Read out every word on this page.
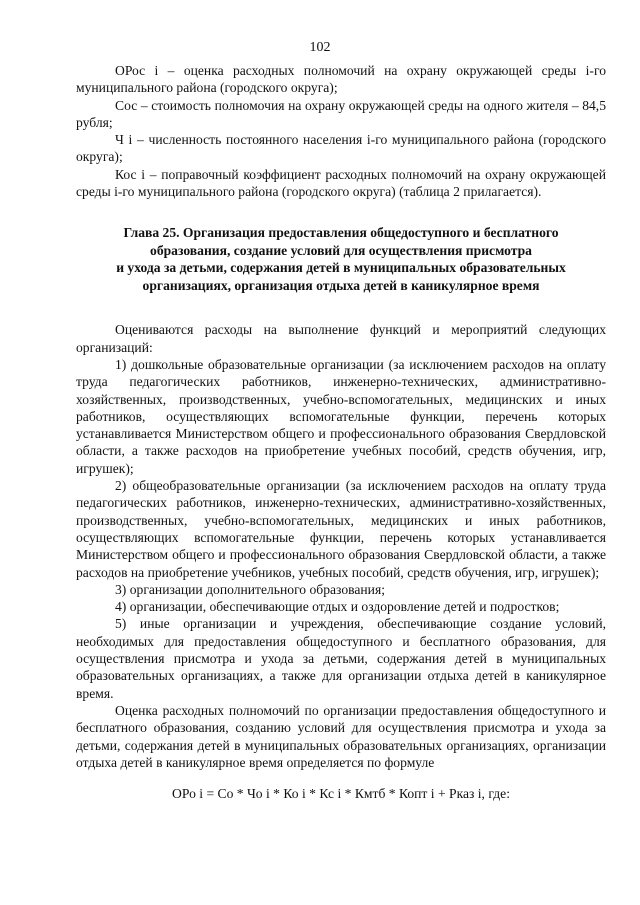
102

ОРос i – оценка расходных полномочий на охрану окружающей среды i-го муниципального района (городского округа);

Сос – стоимость полномочия на охрану окружающей среды на одного жителя – 84,5 рубля;

Ч i – численность постоянного населения i-го муниципального района (городского округа);

Кос i – поправочный коэффициент расходных полномочий на охрану окружающей среды i-го муниципального района (городского округа) (таблица 2 прилагается).

Глава 25. Организация предоставления общедоступного и бесплатного
образования, создание условий для осуществления присмотра
и ухода за детьми, содержания детей в муниципальных образовательных
организациях, организация отдыха детей в каникулярное время

Оцениваются расходы на выполнение функций и мероприятий следующих организаций:

1) дошкольные образовательные организации (за исключением расходов на оплату труда педагогических работников, инженерно-технических, административно-хозяйственных, производственных, учебно-вспомогательных, медицинских и иных работников, осуществляющих вспомогательные функции, перечень которых устанавливается Министерством общего и профессионального образования Свердловской области, а также расходов на приобретение учебных пособий, средств обучения, игр, игрушек);

2) общеобразовательные организации (за исключением расходов на оплату труда педагогических работников, инженерно-технических, административно-хозяйственных, производственных, учебно-вспомогательных, медицинских и иных работников, осуществляющих вспомогательные функции, перечень которых устанавливается Министерством общего и профессионального образования Свердловской области, а также расходов на приобретение учебников, учебных пособий, средств обучения, игр, игрушек);

3) организации дополнительного образования;

4) организации, обеспечивающие отдых и оздоровление детей и подростков;

5) иные организации и учреждения, обеспечивающие создание условий, необходимых для предоставления общедоступного и бесплатного образования, для осуществления присмотра и ухода за детьми, содержания детей в муниципальных образовательных организациях, а также для организации отдыха детей в каникулярное время.

Оценка расходных полномочий по организации предоставления общедоступного и бесплатного образования, созданию условий для осуществления присмотра и ухода за детьми, содержания детей в муниципальных образовательных организациях, организации отдыха детей в каникулярное время определяется по формуле

ОРо i = Со * Чо i * Ко i * Кс i * Кмтб * Копт i + Рказ i, где:
